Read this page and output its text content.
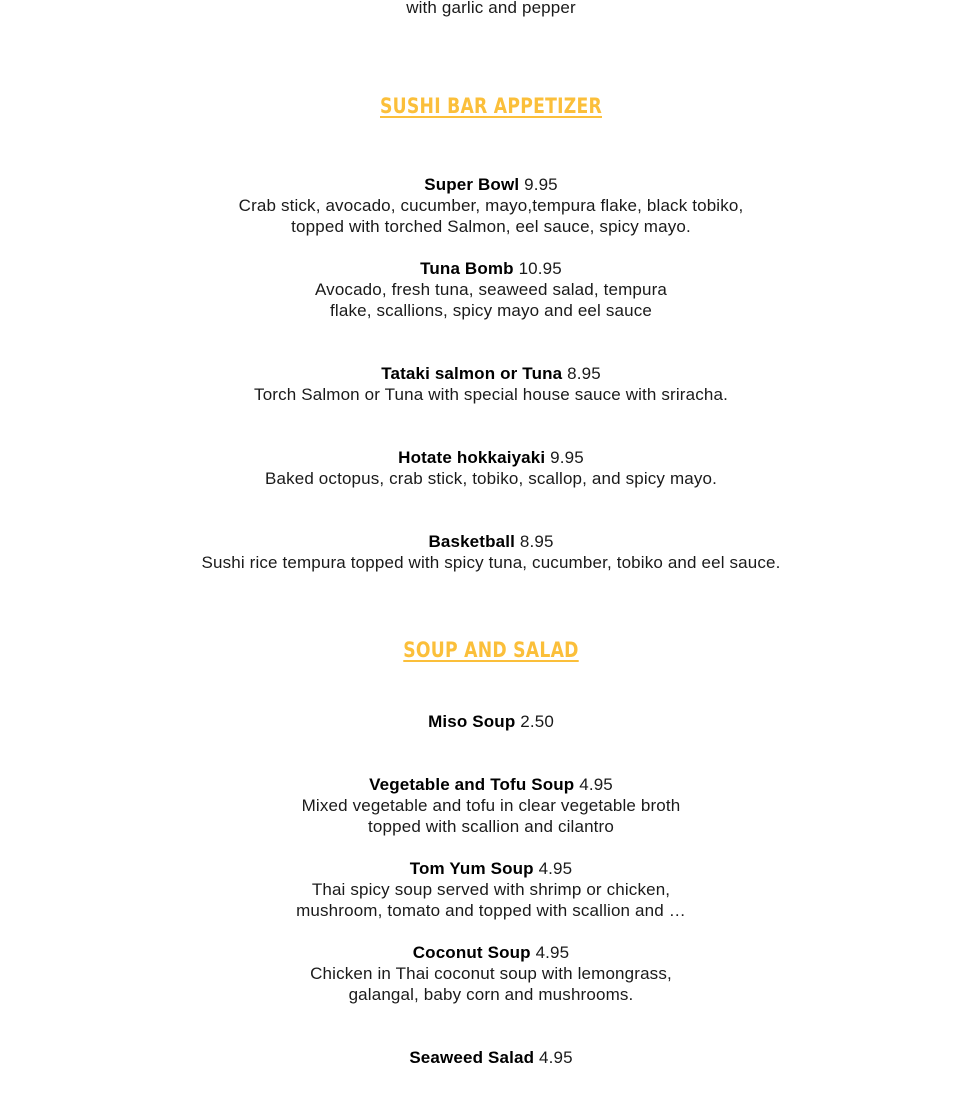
with garlic and pepper
SUSHI BAR APPETIZER
Super Bowl 9.95
Crab stick, avocado, cucumber, mayo,tempura flake, black tobiko,
topped with torched Salmon, eel sauce, spicy mayo.
Tuna Bomb 10.95
Avocado, fresh tuna, seaweed salad, tempura
flake, scallions, spicy mayo and eel sauce
Tataki salmon or Tuna 8.95
Torch Salmon or Tuna with special house sauce with sriracha.
Hotate hokkaiyaki 9.95
Baked octopus, crab stick, tobiko, scallop, and spicy mayo.
Basketball 8.95
Sushi rice tempura topped with spicy tuna, cucumber, tobiko and eel sauce.
SOUP AND SALAD
Miso Soup 2.50
Vegetable and Tofu Soup 4.95
Mixed vegetable and tofu in clear vegetable broth
topped with scallion and cilantro
Tom Yum Soup 4.95
Thai spicy soup served with shrimp or chicken,
mushroom, tomato and topped with scallion and …
Coconut Soup 4.95
Chicken in Thai coconut soup with lemongrass,
galangal, baby corn and mushrooms.
Seaweed Salad 4.95
